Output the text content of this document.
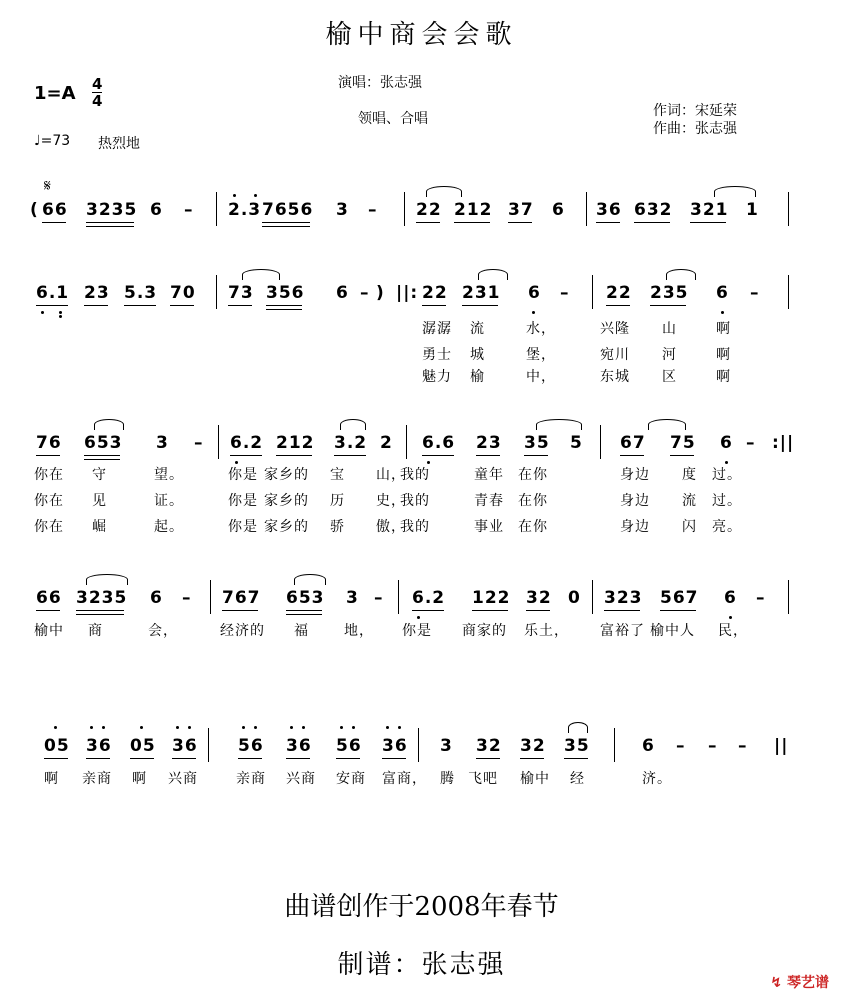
榆中商会会歌
1=A 4
4
演唱：张志强
领唱、合唱	作词：宋延荣
作曲：张志强
♩=73 热烈地
𝄋
( 66 3235 6 – 2.3 7656 3 – 22 212 37 6 36 632 321 1
6.1 23 5.3 70 73 356 6 – ) ||: 22 231 6 – 22 235 6 –
潺潺 流	水，	兴隆 山	啊
勇士 城	堡，	宛川 河	啊
魅力 榆	中，	东城 区	啊
76 653 3 – 6.2 212 3.2 2 6.6 23 35 5 67 75 6 – :||
你在 守	望。	你是 家乡的 宝 山，
我的	童年 在你	身边 度 过。
你在 见	证。	你是 家乡的 历 史，
我的	青春 在你	身边 流 过。
你在 崛	起。	你是 家乡的 骄 傲，
我的	事业 在你	身边 闪 亮。
66 3235 6 – 767 653 3 – 6.2 122 32 0 323 567 6 –
榆中 商	会，	经济的 福	地， 你是 商家的 乐土， 富裕了 榆中人 民，
05 36 05 36 56 36 56 36 3 32 32 35	6 – – – ||
啊 亲商 啊 兴商	亲商 兴商 安商 富商， 腾 飞吧 榆中 经	济。
曲谱创作于2008年春节
制谱：张志强
↯ 琴艺谱
